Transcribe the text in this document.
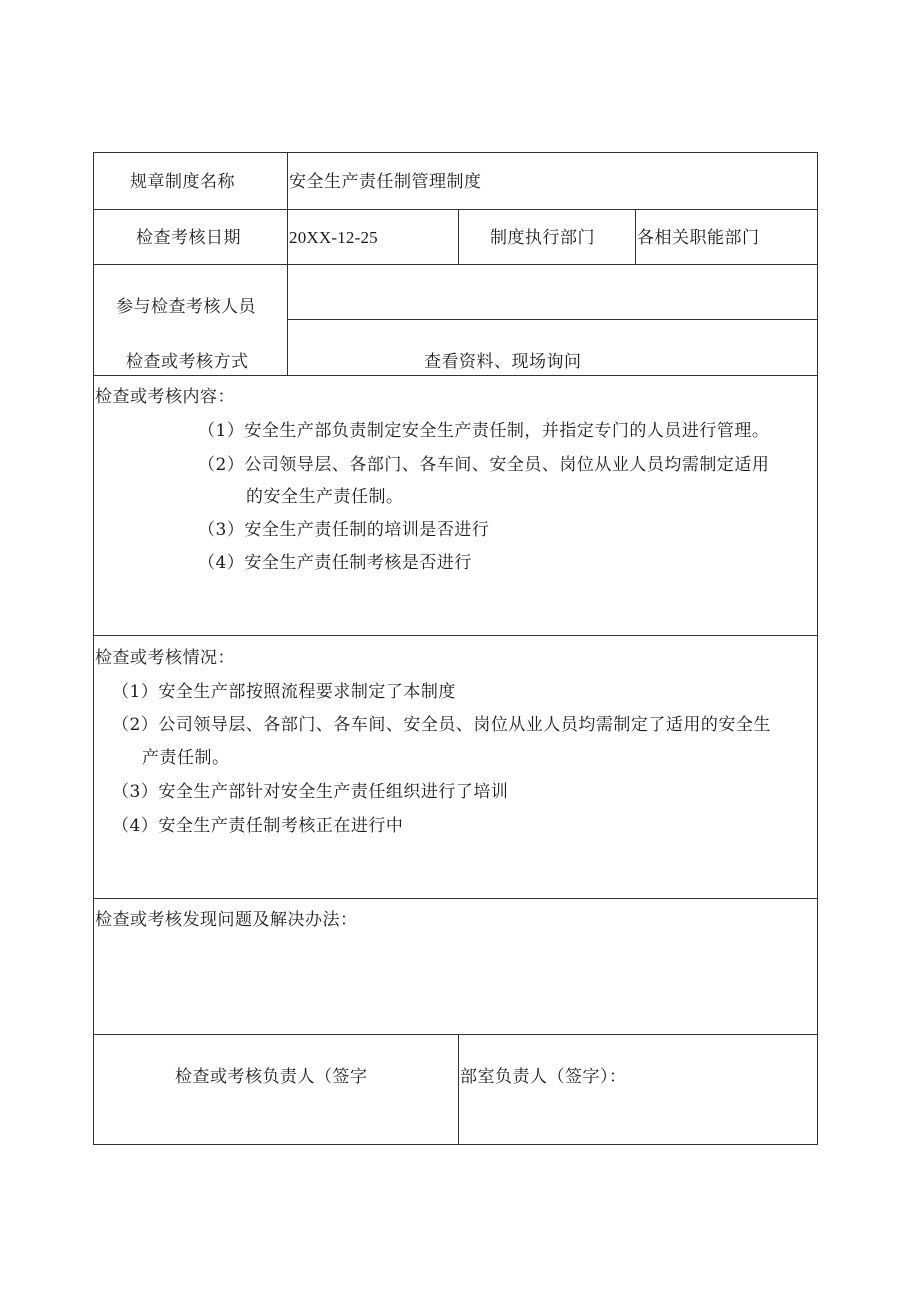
规章制度名称	安全生产责任制管理制度
检查考核日期	20XX-12-25	制度执行部门 各相关职能部门
参与检查考核人员
检查或考核方式	查看资料、现场询问
检查或考核内容：
（1）安全生产部负责制定安全生产责任制，并指定专门的人员进行管理。
（2）公司领导层、各部门、各车间、安全员、岗位从业人员均需制定适用
的安全生产责任制。
（3）安全生产责任制的培训是否进行
（4）安全生产责任制考核是否进行
检查或考核情况：
（1）安全生产部按照流程要求制定了本制度
（2）公司领导层、各部门、各车间、安全员、岗位从业人员均需制定了适用的安全生
产责任制。
（3）安全生产部针对安全生产责任组织进行了培训
（4）安全生产责任制考核正在进行中
检查或考核发现问题及解决办法：
检查或考核负责人（签字	部室负责人（签字）：
